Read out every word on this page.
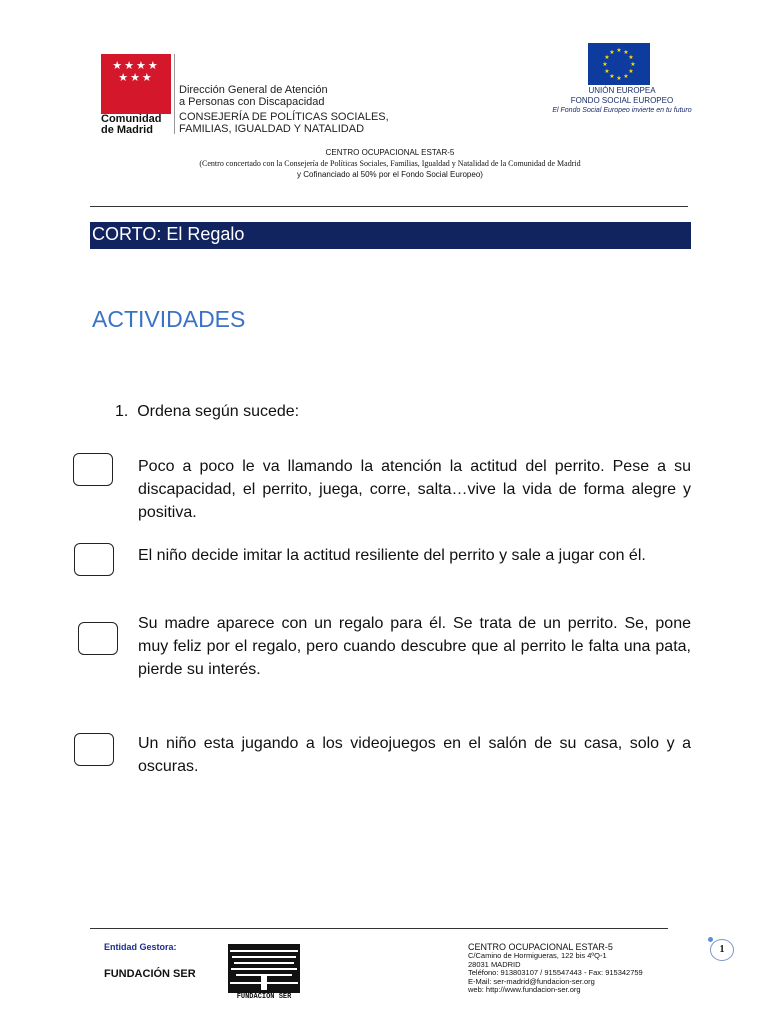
★★★★
★★★
Comunidad de Madrid
Dirección General de Atención
a Personas con Discapacidad
CONSEJERÍA DE POLÍTICAS SOCIALES,
FAMILIAS, IGUALDAD Y NATALIDAD
★ ★
★
★
★
★
★
★
★
★
★
★
UNIÓN EUROPEA
FONDO SOCIAL EUROPEO
El Fondo Social Europeo invierte en tu futuro
CENTRO OCUPACIONAL ESTAR-5
(Centro concertado con la Consejería de Políticas Sociales, Familias, Igualdad y Natalidad de la Comunidad de Madrid
y Cofinanciado al 50% por el Fondo Social Europeo)
CORTO: El Regalo
ACTIVIDADES
1. Ordena según sucede:
Poco a poco le va llamando la atención la actitud del perrito. Pese a su discapacidad, el perrito, juega, corre, salta…vive la vida de forma alegre y positiva.
El niño decide imitar la actitud resiliente del perrito y sale a jugar con él.
Su madre aparece con un regalo para él. Se trata de un perrito. Se, pone muy feliz por el regalo, pero cuando descubre que al perrito le falta una pata, pierde su interés.
Un niño esta jugando a los videojuegos en el salón de su casa, solo y a oscuras.
Entidad Gestora:
FUNDACIÓN SER
FUNDACIÓN SER
CENTRO OCUPACIONAL ESTAR-5
C/Camino de Hormigueras, 122 bis 4ºQ-1
28031 MADRID
Teléfono: 913803107 / 915547443 - Fax: 915342759
E-Mail: ser-madrid@fundacion-ser.org
web: http://www.fundacion-ser.org
1
